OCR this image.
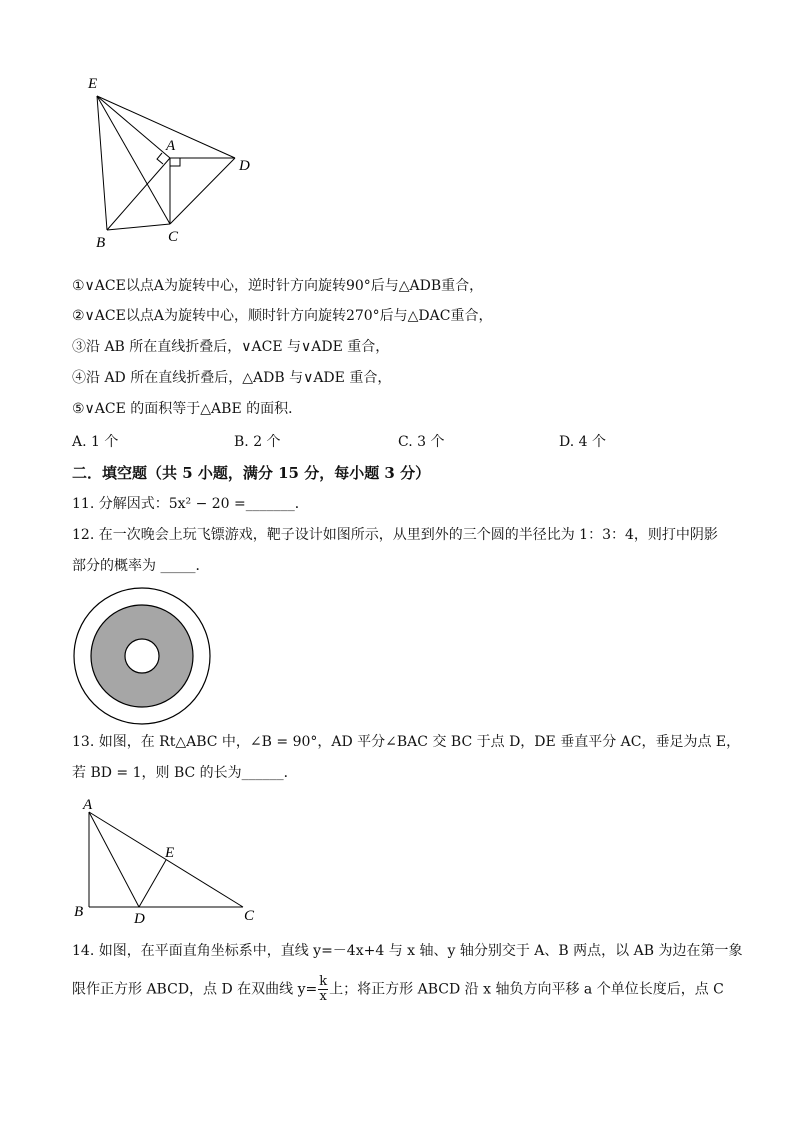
E
A
D
B	C
①∨ACE以点A为旋转中心，逆时针方向旋转90°后与△ADB重合，
②∨ACE以点A为旋转中心，顺时针方向旋转270°后与△DAC重合，
③沿 AB 所在直线折叠后，∨ACE 与∨ADE 重合，
④沿 AD 所在直线折叠后，△ADB 与∨ADE 重合，
⑤∨ACE 的面积等于△ABE 的面积．
A. 1 个	B. 2 个	C. 3 个	D. 4 个
二．填空题（共 5 小题，满分 15 分，每小题 3 分）
11. 分解因式：5x² − 20 =_______．
12. 在一次晚会上玩飞镖游戏，靶子设计如图所示，从里到外的三个圆的半径比为 1：3：4，则打中阴影
部分的概率为 _____．
13. 如图，在 Rt△ABC 中，∠B = 90°，AD 平分∠BAC 交 BC 于点 D，DE 垂直平分 AC，垂足为点 E，
若 BD = 1，则 BC 的长为______．
A
E
B	D	C
14. 如图，在平面直角坐标系中，直线 y=－4x+4 与 x 轴、y 轴分别交于 A、B 两点，以 AB 为边在第一象
限作正方形 ABCD，点 D 在双曲线 $y= \frac{k}{x}$ 上；将正方形 ABCD 沿 x 轴负方向平移 a 个单位长度后，点 C
